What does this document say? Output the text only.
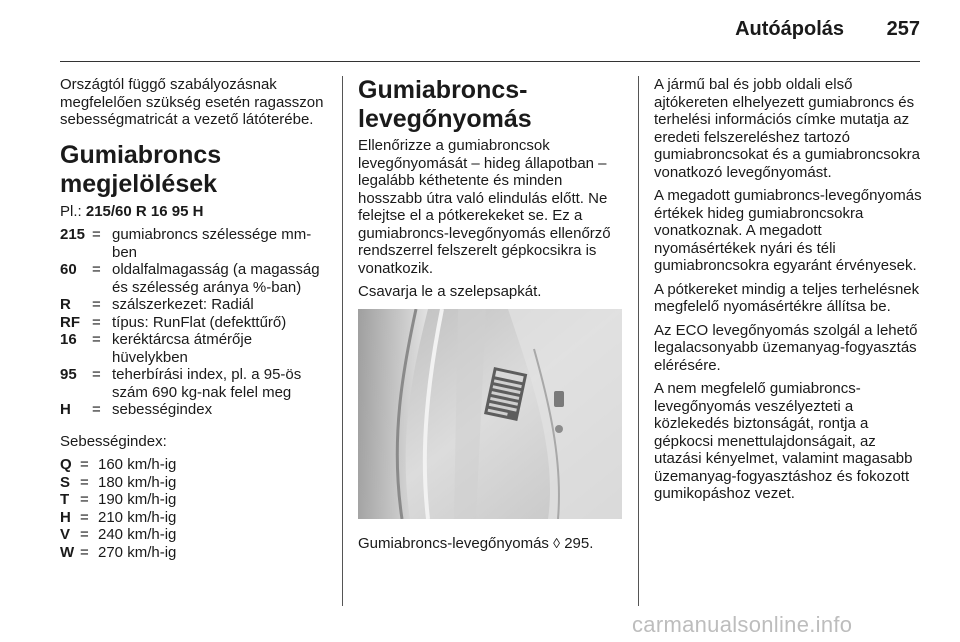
Autóápolás 257

Országtól függő szabályozásnak megfelelően szükség esetén ragasszon sebességmatricát a vezető látóterébe.

Gumiabroncs megjelölések

Pl.: 215/60 R 16 95 H

215 = gumiabroncs szélessége mm-ben
60	= oldalfalmagasság (a magasság és szélesség aránya %-ban)
R	= szálszerkezet: Radiál
RF = típus: RunFlat (defekttűrő)
16	= keréktárcsa átmérője hüvelykben
95	= teherbírási index, pl. a 95-ös szám 690 kg-nak felel meg
H	= sebességindex

Sebességindex:

Q = 160 km/h-ig
S = 180 km/h-ig
T = 190 km/h-ig
H = 210 km/h-ig
V = 240 km/h-ig
W = 270 km/h-ig
Gumiabroncs-levegőnyomás

Ellenőrizze a gumiabroncsok levegőnyomását – hideg állapotban – legalább kéthetente és minden hosszabb útra való elindulás előtt. Ne felejtse el a pótkerekeket se. Ez a gumiabroncs-levegőnyomás ellenőrző rendszerrel felszerelt gépkocsikra is vonatkozik.

Csavarja le a szelepsapkát.

Gumiabroncs-levegőnyomás ◊ 295.

A jármű bal és jobb oldali első ajtókereten elhelyezett gumiabroncs és terhelési információs címke mutatja az eredeti felszereléshez tartozó gumiabroncsokat és a gumiabroncsokra vonatkozó levegőnyomást.

A megadott gumiabroncs-levegőnyomás értékek hideg gumiabroncsokra vonatkoznak. A megadott nyomásértékek nyári és téli gumiabroncsokra egyaránt érvényesek.

A pótkereket mindig a teljes terhelésnek megfelelő nyomásértékre állítsa be.

Az ECO levegőnyomás szolgál a lehető legalacsonyabb üzemanyag-fogyasztás elérésére.

A nem megfelelő gumiabroncs-levegőnyomás veszélyezteti a közlekedés biztonságát, rontja a gépkocsi menettulajdonságait, az utazási kényelmet, valamint magasabb üzemanyag-fogyasztáshoz és fokozott gumikopáshoz vezet.

carmanualsonline.info
